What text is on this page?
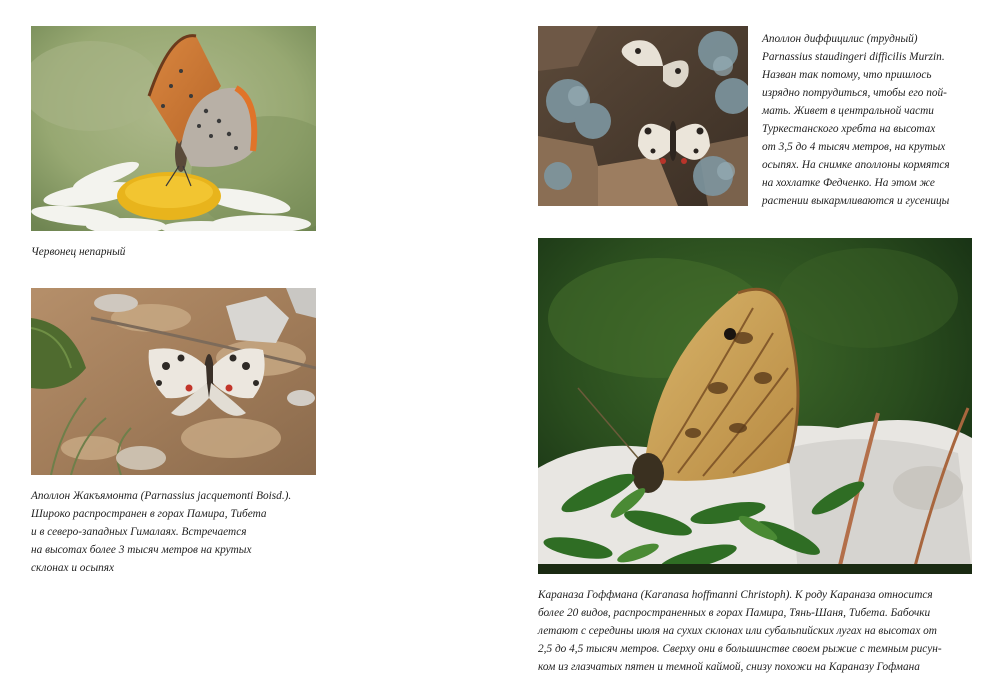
Червонец непарный
Аполлон Жакъямонта (Parnassius jacquemonti Boisd.).
Широко распространен в горах Памира, Тибета
и в северо-западных Гималаях. Встречается
на высотах более 3 тысяч метров на крутых
склонах и осыпях
Аполлон диффицилис (трудный)
Parnassius staudingeri difficilis Murzin.
Назван так потому, что пришлось
изрядно потрудиться, чтобы его пой-
мать. Живет в центральной части
Туркестанского хребта на высотах
от 3,5 до 4 тысяч метров, на крутых
осыпях. На снимке аполлоны кормятся
на хохлатке Федченко. На этом же
растении выкармливаются и гусеницы
Караназа Гоффмана (Karanasa hoffmanni Christoph). К роду Караназа относится
более 20 видов, распространенных в горах Памира, Тянь-Шаня, Тибета. Бабочки
летают с середины июля на сухих склонах или субальпийских лугах на высотах от
2,5 до 4,5 тысяч метров. Сверху они в большинстве своем рыжие с темным рисун-
ком из глазчатых пятен и темной каймой, снизу похожи на Караназу Гофмана
